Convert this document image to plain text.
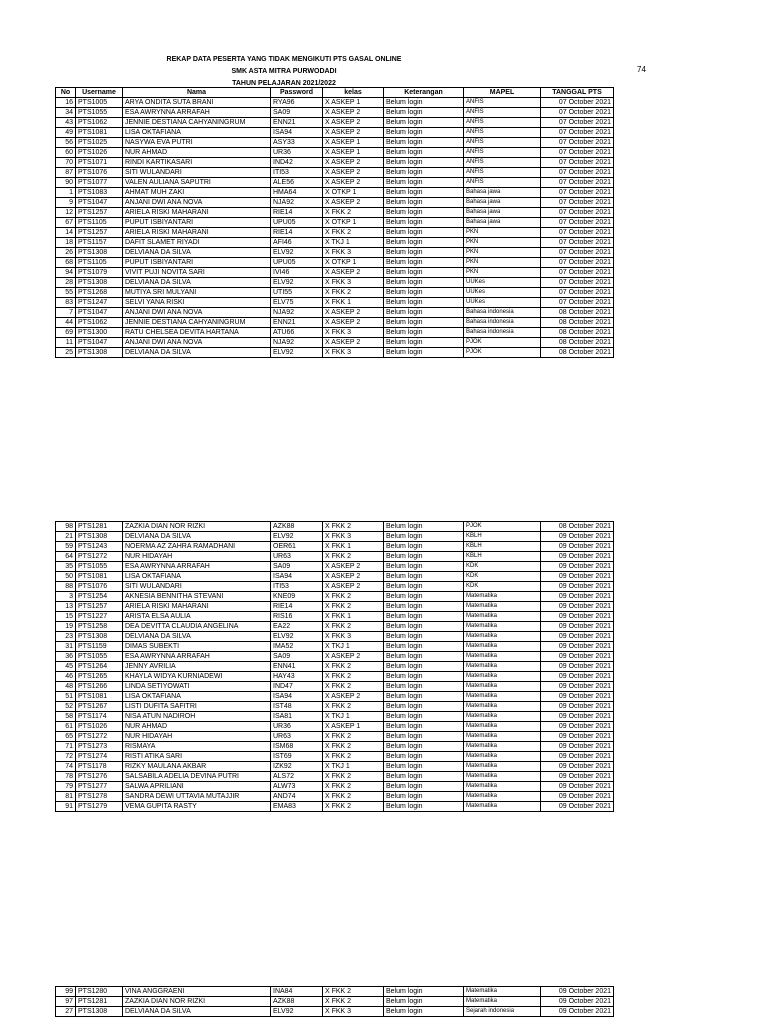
REKAP DATA PESERTA YANG TIDAK MENGIKUTI PTS GASAL ONLINE
SMK ASTA MITRA PURWODADI
TAHUN PELAJARAN 2021/2022
74
No	Username	Nama	Password	kelas	Keterangan	MAPEL	TANGGAL PTS
16	PTS1005	ARYA ONDITA SUTA BRANI	RYA96	X ASKEP 1	Belum login	ANFIS	07 October 2021
34	PTS1055	ESA AWRYNNA ARRAFAH	SA09	X ASKEP 2	Belum login	ANFIS	07 October 2021
43	PTS1062	JENNIE DESTIANA CAHYANINGRUM	ENN21	X ASKEP 2	Belum login	ANFIS	07 October 2021
49	PTS1081	LISA OKTAFIANA	ISA94	X ASKEP 2	Belum login	ANFIS	07 October 2021
56	PTS1025	NASYWA EVA PUTRI	ASY33	X ASKEP 1	Belum login	ANFIS	07 October 2021
60	PTS1026	NUR AHMAD	UR36	X ASKEP 1	Belum login	ANFIS	07 October 2021
70	PTS1071	RINDI KARTIKASARI	IND42	X ASKEP 2	Belum login	ANFIS	07 October 2021
87	PTS1076	SITI WULANDARI	ITI53	X ASKEP 2	Belum login	ANFIS	07 October 2021
90	PTS1077	VALEN AULIANA SAPUTRI	ALE56	X ASKEP 2	Belum login	ANFIS	07 October 2021
1	PTS1083	AHMAT MUH ZAKI	HMA64	X OTKP 1	Belum login	Bahasa jawa	07 October 2021
9	PTS1047	ANJANI DWI ANA NOVA	NJA92	X ASKEP 2	Belum login	Bahasa jawa	07 October 2021
12	PTS1257	ARIELA RISKI MAHARANI	RIE14	X FKK 2	Belum login	Bahasa jawa	07 October 2021
67	PTS1105	PUPUT ISBIYANTARI	UPU05	X OTKP 1	Belum login	Bahasa jawa	07 October 2021
14	PTS1257	ARIELA RISKI MAHARANI	RIE14	X FKK 2	Belum login	PKN	07 October 2021
18	PTS1157	DAFIT SLAMET RIYADI	AFI46	X TKJ 1	Belum login	PKN	07 October 2021
26	PTS1308	DELVIANA DA SILVA	ELV92	X FKK 3	Belum login	PKN	07 October 2021
68	PTS1105	PUPUT ISBIYANTARI	UPU05	X OTKP 1	Belum login	PKN	07 October 2021
94	PTS1079	VIVIT PUJI NOVITA SARI	IVI46	X ASKEP 2	Belum login	PKN	07 October 2021
28	PTS1308	DELVIANA DA SILVA	ELV92	X FKK 3	Belum login	UUKes	07 October 2021
55	PTS1268	MUTIYA SRI MULYANI	UTI55	X FKK 2	Belum login	UUKes	07 October 2021
83	PTS1247	SELVI YANA RISKI	ELV75	X FKK 1	Belum login	UUKes	07 October 2021
7	PTS1047	ANJANI DWI ANA NOVA	NJA92	X ASKEP 2	Belum login	Bahasa indonesia	08 October 2021
44	PTS1062	JENNIE DESTIANA CAHYANINGRUM	ENN21	X ASKEP 2	Belum login	Bahasa indonesia	08 October 2021
69	PTS1300	RATU CHELSEA DEVITA HARTANA	ATU66	X FKK 3	Belum login	Bahasa indonesia	08 October 2021
11	PTS1047	ANJANI DWI ANA NOVA	NJA92	X ASKEP 2	Belum login	PJOK	08 October 2021
25	PTS1308	DELVIANA DA SILVA	ELV92	X FKK 3	Belum login	PJOK	08 October 2021
98	PTS1281	ZAZKIA DIAN NOR RIZKI	AZK88	X FKK 2	Belum login	PJOK	08 October 2021
21	PTS1308	DELVIANA DA SILVA	ELV92	X FKK 3	Belum login	KBLH	09 October 2021
59	PTS1243	NOERMA AZ ZAHRA RAMADHANI	OER61	X FKK 1	Belum login	KBLH	09 October 2021
64	PTS1272	NUR HIDAYAH	UR63	X FKK 2	Belum login	KBLH	09 October 2021
35	PTS1055	ESA AWRYNNA ARRAFAH	SA09	X ASKEP 2	Belum login	KDK	09 October 2021
50	PTS1081	LISA OKTAFIANA	ISA94	X ASKEP 2	Belum login	KDK	09 October 2021
88	PTS1076	SITI WULANDARI	ITI53	X ASKEP 2	Belum login	KDK	09 October 2021
3	PTS1254	AKNESIA BENNITHA STEVANI	KNE09	X FKK 2	Belum login	Matematika	09 October 2021
13	PTS1257	ARIELA RISKI MAHARANI	RIE14	X FKK 2	Belum login	Matematika	09 October 2021
15	PTS1227	ARISTA ELSA AULIA	RIS16	X FKK 1	Belum login	Matematika	09 October 2021
19	PTS1258	DEA DEVITTA CLAUDIA ANGELINA	EA22	X FKK 2	Belum login	Matematika	09 October 2021
23	PTS1308	DELVIANA DA SILVA	ELV92	X FKK 3	Belum login	Matematika	09 October 2021
31	PTS1159	DIMAS SUBEKTI	IMA52	X TKJ 1	Belum login	Matematika	09 October 2021
36	PTS1055	ESA AWRYNNA ARRAFAH	SA09	X ASKEP 2	Belum login	Matematika	09 October 2021
45	PTS1264	JENNY AVRILIA	ENN41	X FKK 2	Belum login	Matematika	09 October 2021
46	PTS1265	KHAYLA WIDYA KURNIADEWI	HAY43	X FKK 2	Belum login	Matematika	09 October 2021
48	PTS1266	LINDA SETIYOWATI	IND47	X FKK 2	Belum login	Matematika	09 October 2021
51	PTS1081	LISA OKTAFIANA	ISA94	X ASKEP 2	Belum login	Matematika	09 October 2021
52	PTS1267	LISTI DUFITA SAFITRI	IST48	X FKK 2	Belum login	Matematika	09 October 2021
58	PTS1174	NISA ATUN NADIROH	ISA81	X TKJ 1	Belum login	Matematika	09 October 2021
61	PTS1026	NUR AHMAD	UR36	X ASKEP 1	Belum login	Matematika	09 October 2021
65	PTS1272	NUR HIDAYAH	UR63	X FKK 2	Belum login	Matematika	09 October 2021
71	PTS1273	RISMAYA	ISM68	X FKK 2	Belum login	Matematika	09 October 2021
72	PTS1274	RISTI ATIKA SARI	IST69	X FKK 2	Belum login	Matematika	09 October 2021
74	PTS1178	RIZKY MAULANA AKBAR	IZK92	X TKJ 1	Belum login	Matematika	09 October 2021
78	PTS1276	SALSABILA ADELIA DEVINA PUTRI	ALS72	X FKK 2	Belum login	Matematika	09 October 2021
79	PTS1277	SALWA APRILIANI	ALW73	X FKK 2	Belum login	Matematika	09 October 2021
81	PTS1278	SANDRA DEWI UTTAVIA MUTAJJIR	AND74	X FKK 2	Belum login	Matematika	09 October 2021
91	PTS1279	VEMA GUPITA RASTY	EMA83	X FKK 2	Belum login	Matematika	09 October 2021
99	PTS1280	VINA ANGGRAENI	INA84	X FKK 2	Belum login	Matematika	09 October 2021
97	PTS1281	ZAZKIA DIAN NOR RIZKI	AZK88	X FKK 2	Belum login	Matematika	09 October 2021
27	PTS1308	DELVIANA DA SILVA	ELV92	X FKK 3	Belum login	Sejarah indonesia	09 October 2021
